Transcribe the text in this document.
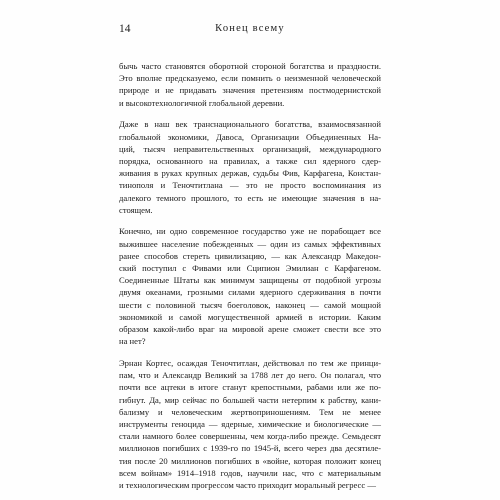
14	Конец всему

бычь часто становятся оборотной стороной богатства и праздности.
Это вполне предсказуемо, если помнить о неизменной человеческой
природе и не придавать значения претензиям постмодернистской
и высокотехнологичной глобальной деревни.

Даже в наш век транснационального богатства, взаимосвязанной
глобальной экономики, Давоса, Организации Объединенных На-
ций, тысяч неправительственных организаций, международного
порядка, основанного на правилах, а также сил ядерного сдер-
живания в руках крупных держав, судьбы Фив, Карфагена, Констан-
тинополя и Теночтитлана — это не просто воспоминания из
далекого темного прошлого, то есть не имеющие значения в на-
стоящем.

Конечно, ни одно современное государство уже не порабощает все
выжившее население побежденных — один из самых эффективных
ранее способов стереть цивилизацию, — как Александр Македон-
ский поступил с Фивами или Сципион Эмилиан с Карфагеном.
Соединенные Штаты как минимум защищены от подобной угрозы
двумя океанами, грозными силами ядерного сдерживания в почти
шести с половиной тысяч боеголовок, наконец — самой мощной
экономикой и самой могущественной армией в истории. Каким
образом какой-либо враг на мировой арене сможет свести все это
на нет?

Эрнан Кортес, осаждая Теночтитлан, действовал по тем же принци-
пам, что и Александр Великий за 1788 лет до него. Он полагал, что
почти все ацтеки в итоге станут крепостными, рабами или же по-
гибнут. Да, мир сейчас по большей части нетерпим к рабству, кани-
бализму и человеческим жертвоприношениям. Тем не менее
инструменты геноцида — ядерные, химические и биологические —
стали намного более совершенны, чем когда-либо прежде. Семьдесят
миллионов погибших с 1939-го по 1945-й, всего через два десятиле-
тия после 20 миллионов погибших в «войне, которая положит конец
всем войнам» 1914–1918 годов, научили нас, что с материальным
и технологическим прогрессом часто приходит моральный регресс —
